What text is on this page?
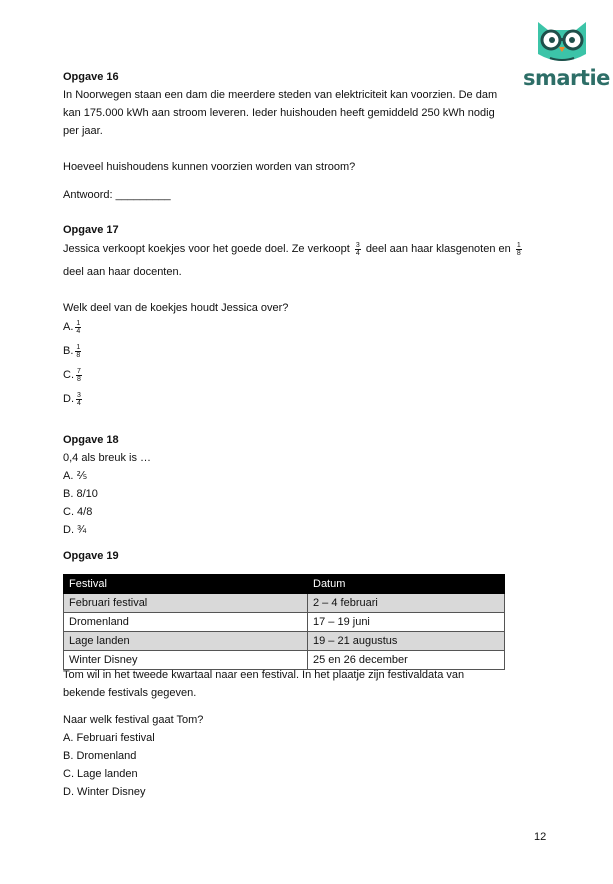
smartie
Opgave 16
In Noorwegen staan een dam die meerdere steden van elektriciteit kan voorzien. De dam
kan 175.000 kWh aan stroom leveren. Ieder huishouden heeft gemiddeld 250 kWh nodig
per jaar.
Hoeveel huishoudens kunnen voorzien worden van stroom?
Antwoord: _________
Opgave 17
Jessica verkoopt koekjes voor het goede doel. Ze verkoopt $\frac{3}{4}$ deel aan haar klasgenoten en $\frac{1}{8}$
deel aan haar docenten.
Welk deel van de koekjes houdt Jessica over?
A. $\frac{1}{4}$
B. $\frac{1}{8}$
C. $\frac{7}{8}$
D. $\frac{3}{4}$
Opgave 18
0,4 als breuk is …
A. ⅖
B. 8/10
C. 4/8
D. ¾
Opgave 19
Festival	Datum
Februari festival	2 – 4 februari
Dromenland	17 – 19 juni
Lage landen	19 – 21 augustus
Winter Disney	25 en 26 december
Tom wil in het tweede kwartaal naar een festival. In het plaatje zijn festivaldata van
bekende festivals gegeven.
Naar welk festival gaat Tom?
A. Februari festival
B. Dromenland
C. Lage landen
D. Winter Disney
12
